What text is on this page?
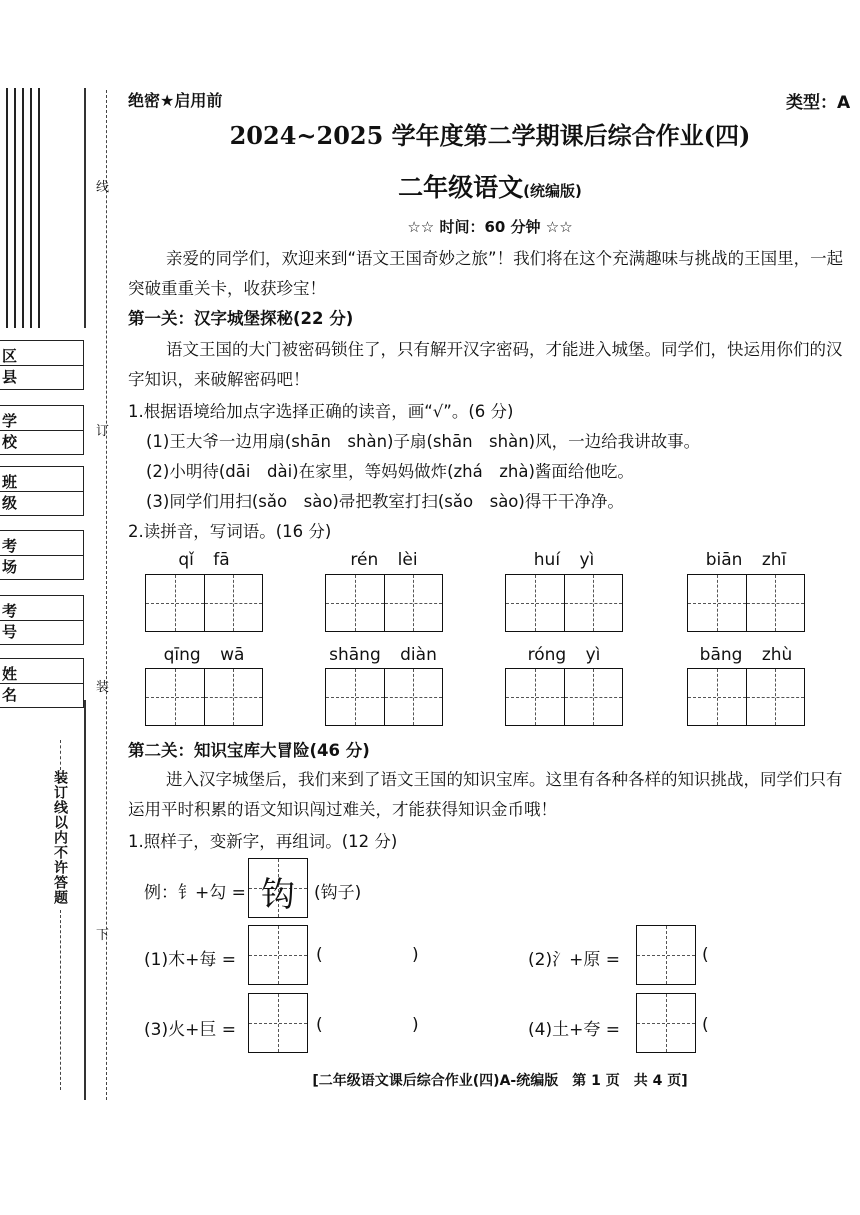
线
订
装
下
区　县
学　校
班　级
考　场
考　号
姓　名
装订线以内不许答题
绝密★启用前	类型：A
2024~2025 学年度第二学期课后综合作业(四)
二年级语文(统编版)
☆☆ 时间：60 分钟 ☆☆
亲爱的同学们，欢迎来到“语文王国奇妙之旅”！我们将在这个充满趣味与挑战的王国里，一起突破重重关卡，收获珍宝！
第一关：汉字城堡探秘(22 分)
语文王国的大门被密码锁住了，只有解开汉字密码，才能进入城堡。同学们，快运用你们的汉字知识，来破解密码吧！
1.根据语境给加点字选择正确的读音，画“√”。(6 分)
(1)王大爷一边用扇(shān　shàn)子扇(shān　shàn)风，一边给我讲故事。
(2)小明待(dāi　dài)在家里，等妈妈做炸(zhá　zhà)酱面给他吃。
(3)同学们用扫(sǎo　sào)帚把教室打扫(sǎo　sào)得干干净净。
2.读拼音，写词语。(16 分)
qǐ fā	rén lèi	huí yì	biān zhī
qīng wā	shāng diàn	róng yì	bāng zhù
第二关：知识宝库大冒险(46 分)
进入汉字城堡后，我们来到了语文王国的知识宝库。这里有各种各样的知识挑战，同学们只有运用平时积累的语文知识闯过难关，才能获得知识金币哦！
1.照样子，变新字，再组词。(12 分)
例：钅+勾 = 钩	(钩子)
(1)木+每 =	(	)	(2)氵+原 =	(
(3)火+巨 =	(	)	(4)土+夸 =	(
[二年级语文课后综合作业(四)A-统编版　第 1 页　共 4 页]
